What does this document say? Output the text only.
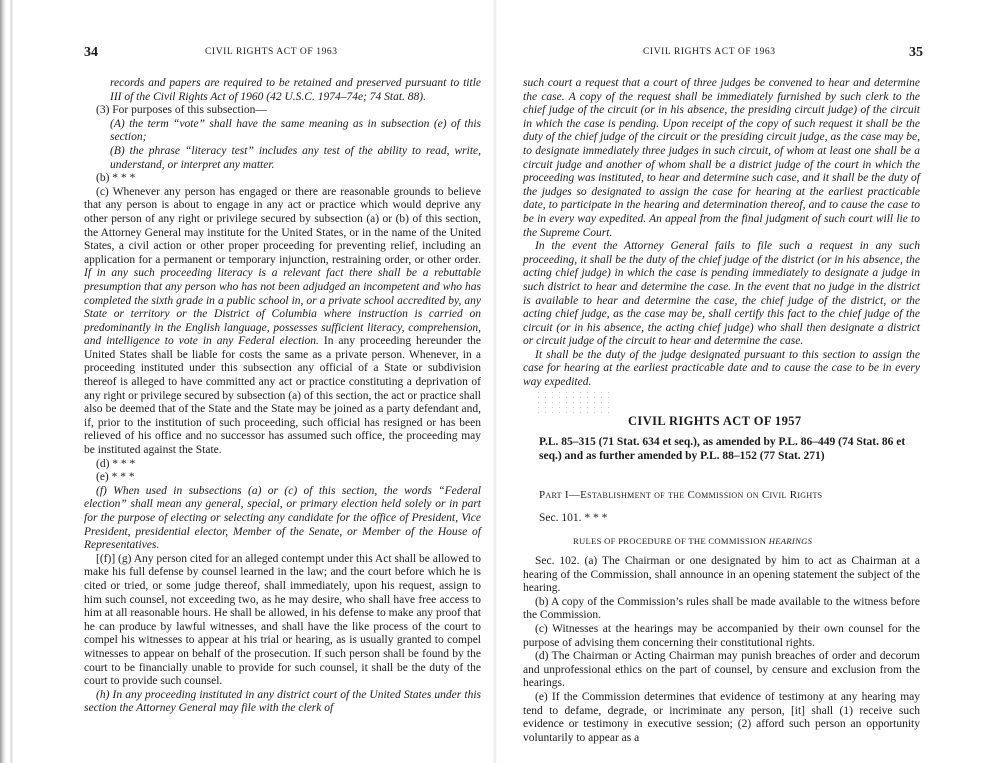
34	CIVIL RIGHTS ACT OF 1963

records and papers are required to be retained and preserved pursuant to title III of the Civil Rights Act of 1960 (42 U.S.C. 1974–74e; 74 Stat. 88).

(3) For purposes of this subsection—

(A) the term “vote” shall have the same meaning as in subsection (e) of this section;

(B) the phrase “literacy test” includes any test of the ability to read, write, understand, or interpret any matter.

(b) * * *

(c) Whenever any person has engaged or there are reasonable grounds to believe that any person is about to engage in any act or practice which would deprive any other person of any right or privilege secured by subsection (a) or (b) of this section, the Attorney General may institute for the United States, or in the name of the United States, a civil action or other proper proceeding for preventing relief, including an application for a permanent or temporary injunction, restraining order, or other order. If in any such proceeding literacy is a relevant fact there shall be a rebuttable presumption that any person who has not been adjudged an incompetent and who has completed the sixth grade in a public school in, or a private school accredited by, any State or territory or the District of Columbia where instruction is carried on predominantly in the English language, possesses sufficient literacy, comprehension, and intelligence to vote in any Federal election. In any proceeding hereunder the United States shall be liable for costs the same as a private person. Whenever, in a proceeding instituted under this subsection any official of a State or subdivision thereof is alleged to have committed any act or practice constituting a deprivation of any right or privilege secured by subsection (a) of this section, the act or practice shall also be deemed that of the State and the State may be joined as a party defendant and, if, prior to the institution of such proceeding, such official has resigned or has been relieved of his office and no successor has assumed such office, the proceeding may be instituted against the State.

(d) * * *

(e) * * *

(f) When used in subsections (a) or (c) of this section, the words “Federal election” shall mean any general, special, or primary election held solely or in part for the purpose of electing or selecting any candidate for the office of President, Vice President, presidential elector, Member of the Senate, or Member of the House of Representatives.

[(f)] (g) Any person cited for an alleged contempt under this Act shall be allowed to make his full defense by counsel learned in the law; and the court before which he is cited or tried, or some judge thereof, shall immediately, upon his request, assign to him such counsel, not exceeding two, as he may desire, who shall have free access to him at all reasonable hours. He shall be allowed, in his defense to make any proof that he can produce by lawful witnesses, and shall have the like process of the court to compel his witnesses to appear at his trial or hearing, as is usually granted to compel witnesses to appear on behalf of the prosecution. If such person shall be found by the court to be financially unable to provide for such counsel, it shall be the duty of the court to provide such counsel.

(h) In any proceeding instituted in any district court of the United States under this section the Attorney General may file with the clerk of

CIVIL RIGHTS ACT OF 1963	35

such court a request that a court of three judges be convened to hear and determine the case. A copy of the request shall be immediately furnished by such clerk to the chief judge of the circuit (or in his absence, the presiding circuit judge) of the circuit in which the case is pending. Upon receipt of the copy of such request it shall be the duty of the chief judge of the circuit or the presiding circuit judge, as the case may be, to designate immediately three judges in such circuit, of whom at least one shall be a circuit judge and another of whom shall be a district judge of the court in which the proceeding was instituted, to hear and determine such case, and it shall be the duty of the judges so designated to assign the case for hearing at the earliest practicable date, to participate in the hearing and determination thereof, and to cause the case to be in every way expedited. An appeal from the final judgment of such court will lie to the Supreme Court.

In the event the Attorney General fails to file such a request in any such proceeding, it shall be the duty of the chief judge of the district (or in his absence, the acting chief judge) in which the case is pending immediately to designate a judge in such district to hear and determine the case. In the event that no judge in the district is available to hear and determine the case, the chief judge of the district, or the acting chief judge, as the case may be, shall certify this fact to the chief judge of the circuit (or in his absence, the acting chief judge) who shall then designate a district or circuit judge of the circuit to hear and determine the case.

It shall be the duty of the judge designated pursuant to this section to assign the case for hearing at the earliest practicable date and to cause the case to be in every way expedited.

CIVIL RIGHTS ACT OF 1957
P.L. 85–315 (71 Stat. 634 et seq.), as amended by P.L. 86–449 (74 Stat. 86 et seq.) and as further amended by P.L. 88–152 (77 Stat. 271)
Part I—Establishment of the Commission on Civil Rights
Sec. 101. * * *
RULES OF PROCEDURE OF THE COMMISSION HEARINGS

Sec. 102. (a) The Chairman or one designated by him to act as Chairman at a hearing of the Commission, shall announce in an opening statement the subject of the hearing.

(b) A copy of the Commission’s rules shall be made available to the witness before the Commission.

(c) Witnesses at the hearings may be accompanied by their own counsel for the purpose of advising them concerning their constitutional rights.

(d) The Chairman or Acting Chairman may punish breaches of order and decorum and unprofessional ethics on the part of counsel, by censure and exclusion from the hearings.

(e) If the Commission determines that evidence of testimony at any hearing may tend to defame, degrade, or incriminate any person, [it] shall (1) receive such evidence or testimony in executive session; (2) afford such person an opportunity voluntarily to appear as a
